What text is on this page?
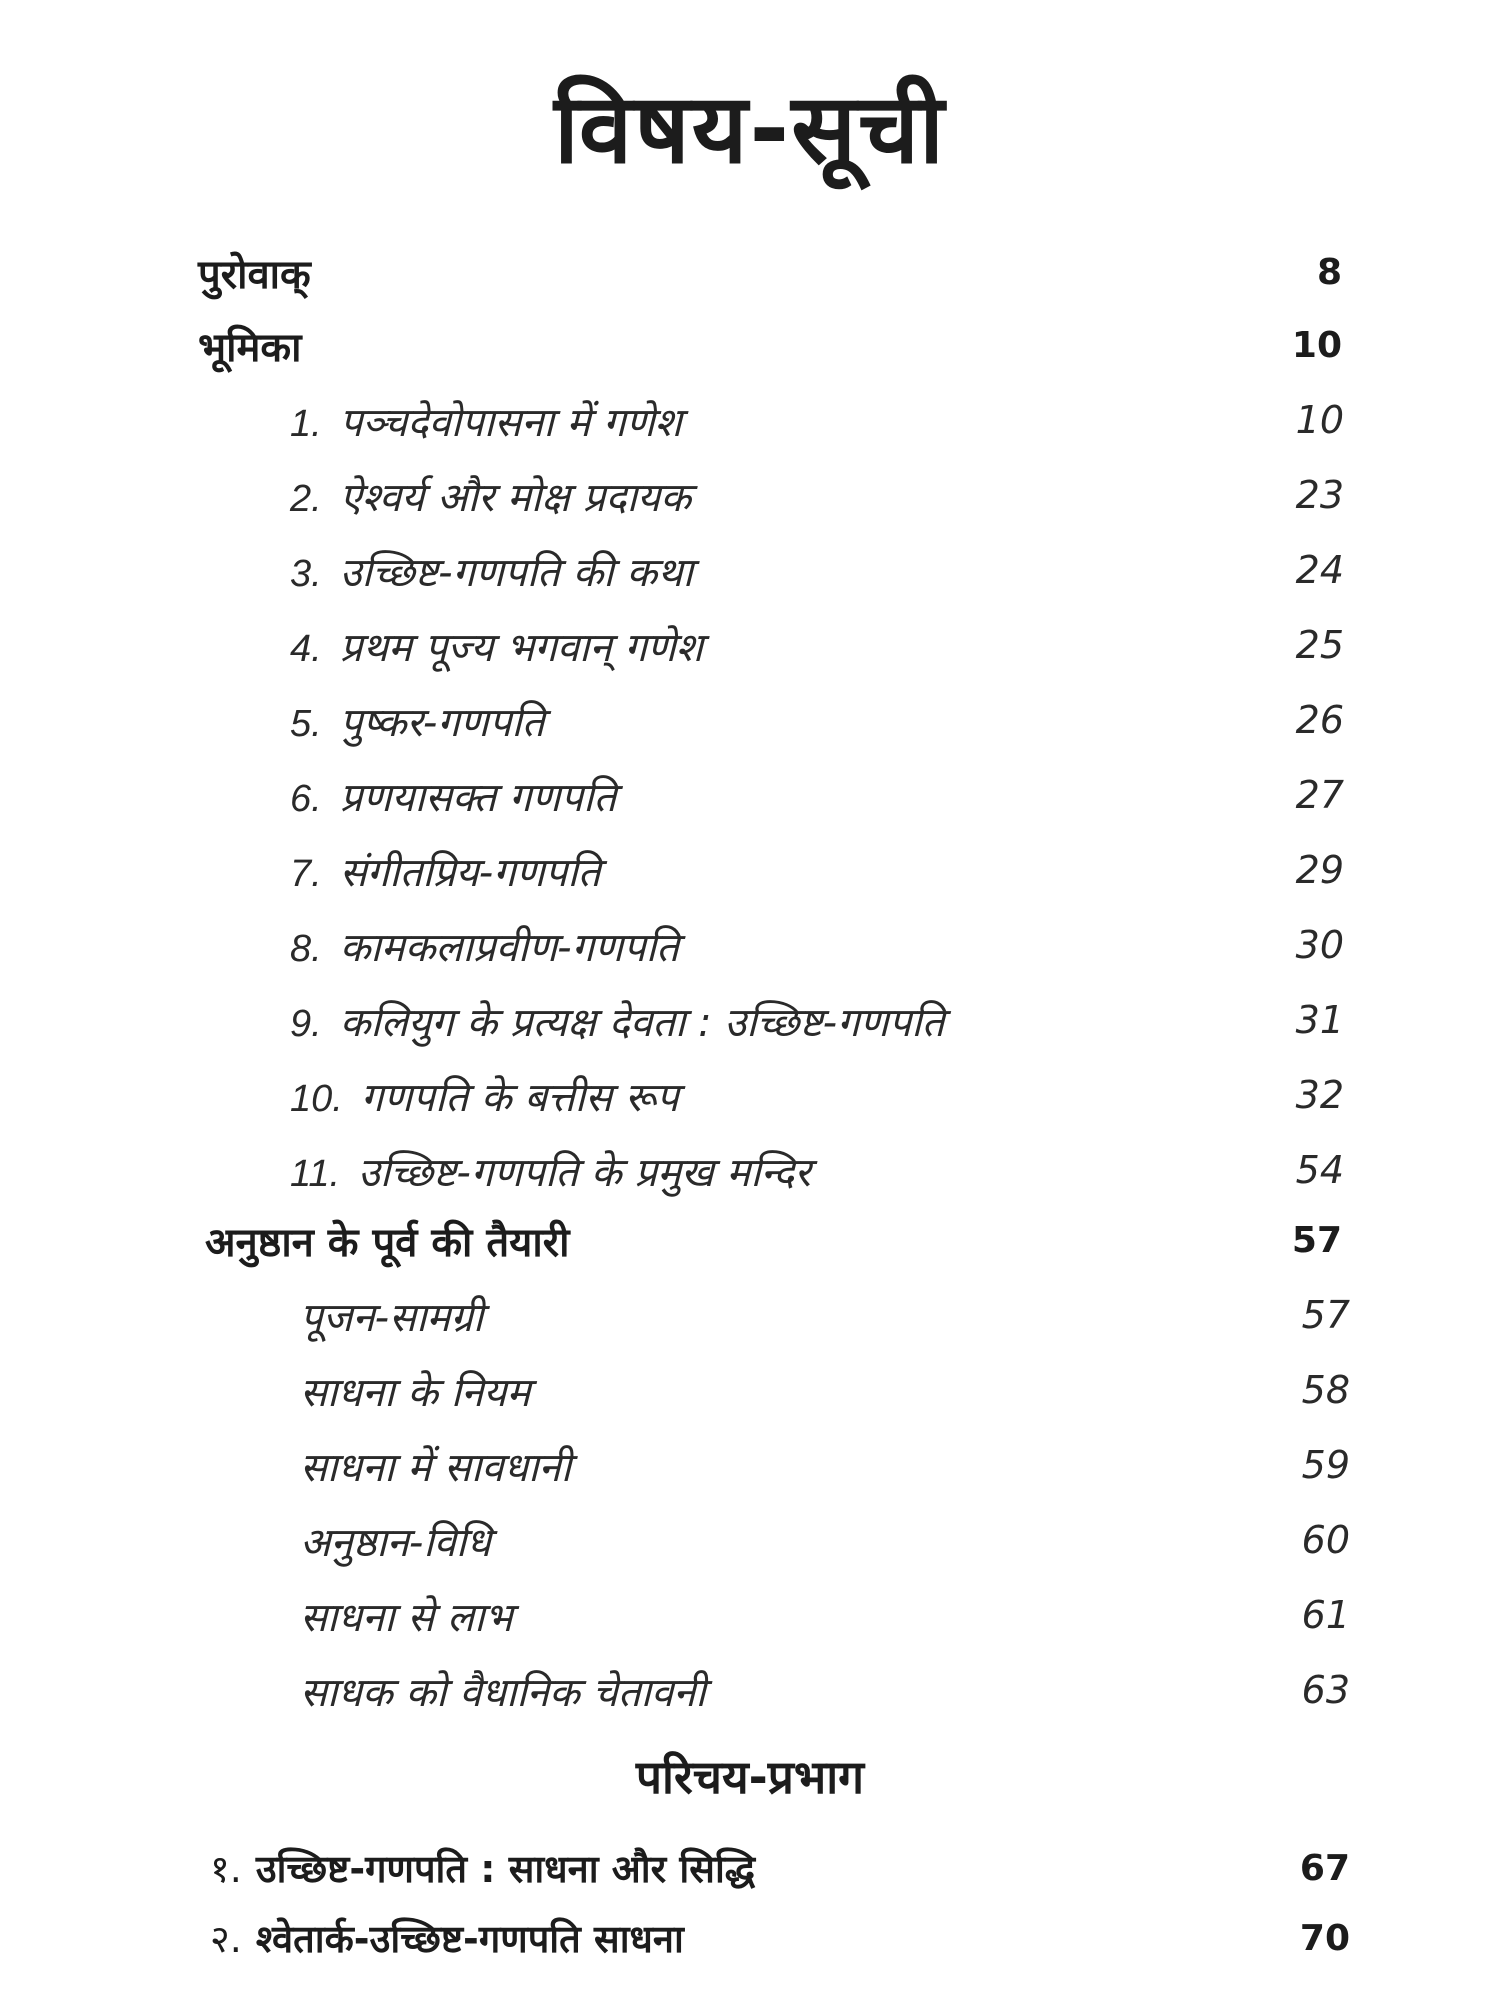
विषय-सूची
पुरोवाक्	8
भूमिका	10
1. पञ्चदेवोपासना में गणेश	10
2. ऐश्वर्य और मोक्ष प्रदायक	23
3. उच्छिष्ट-गणपति की कथा	24
4. प्रथम पूज्य भगवान् गणेश	25
5. पुष्कर-गणपति	26
6. प्रणयासक्त गणपति	27
7. संगीतप्रिय-गणपति	29
8. कामकलाप्रवीण-गणपति	30
9. कलियुग के प्रत्यक्ष देवता : उच्छिष्ट-गणपति	31
10. गणपति के बत्तीस रूप	32
11. उच्छिष्ट-गणपति के प्रमुख मन्दिर	54
अनुष्ठान के पूर्व की तैयारी	57
पूजन-सामग्री	57
साधना के नियम	58
साधना में सावधानी	59
अनुष्ठान-विधि	60
साधना से लाभ	61
साधक को वैधानिक चेतावनी	63
परिचय-प्रभाग
१. उच्छिष्ट-गणपति : साधना और सिद्धि	67
२. श्वेतार्क-उच्छिष्ट-गणपति साधना	70
